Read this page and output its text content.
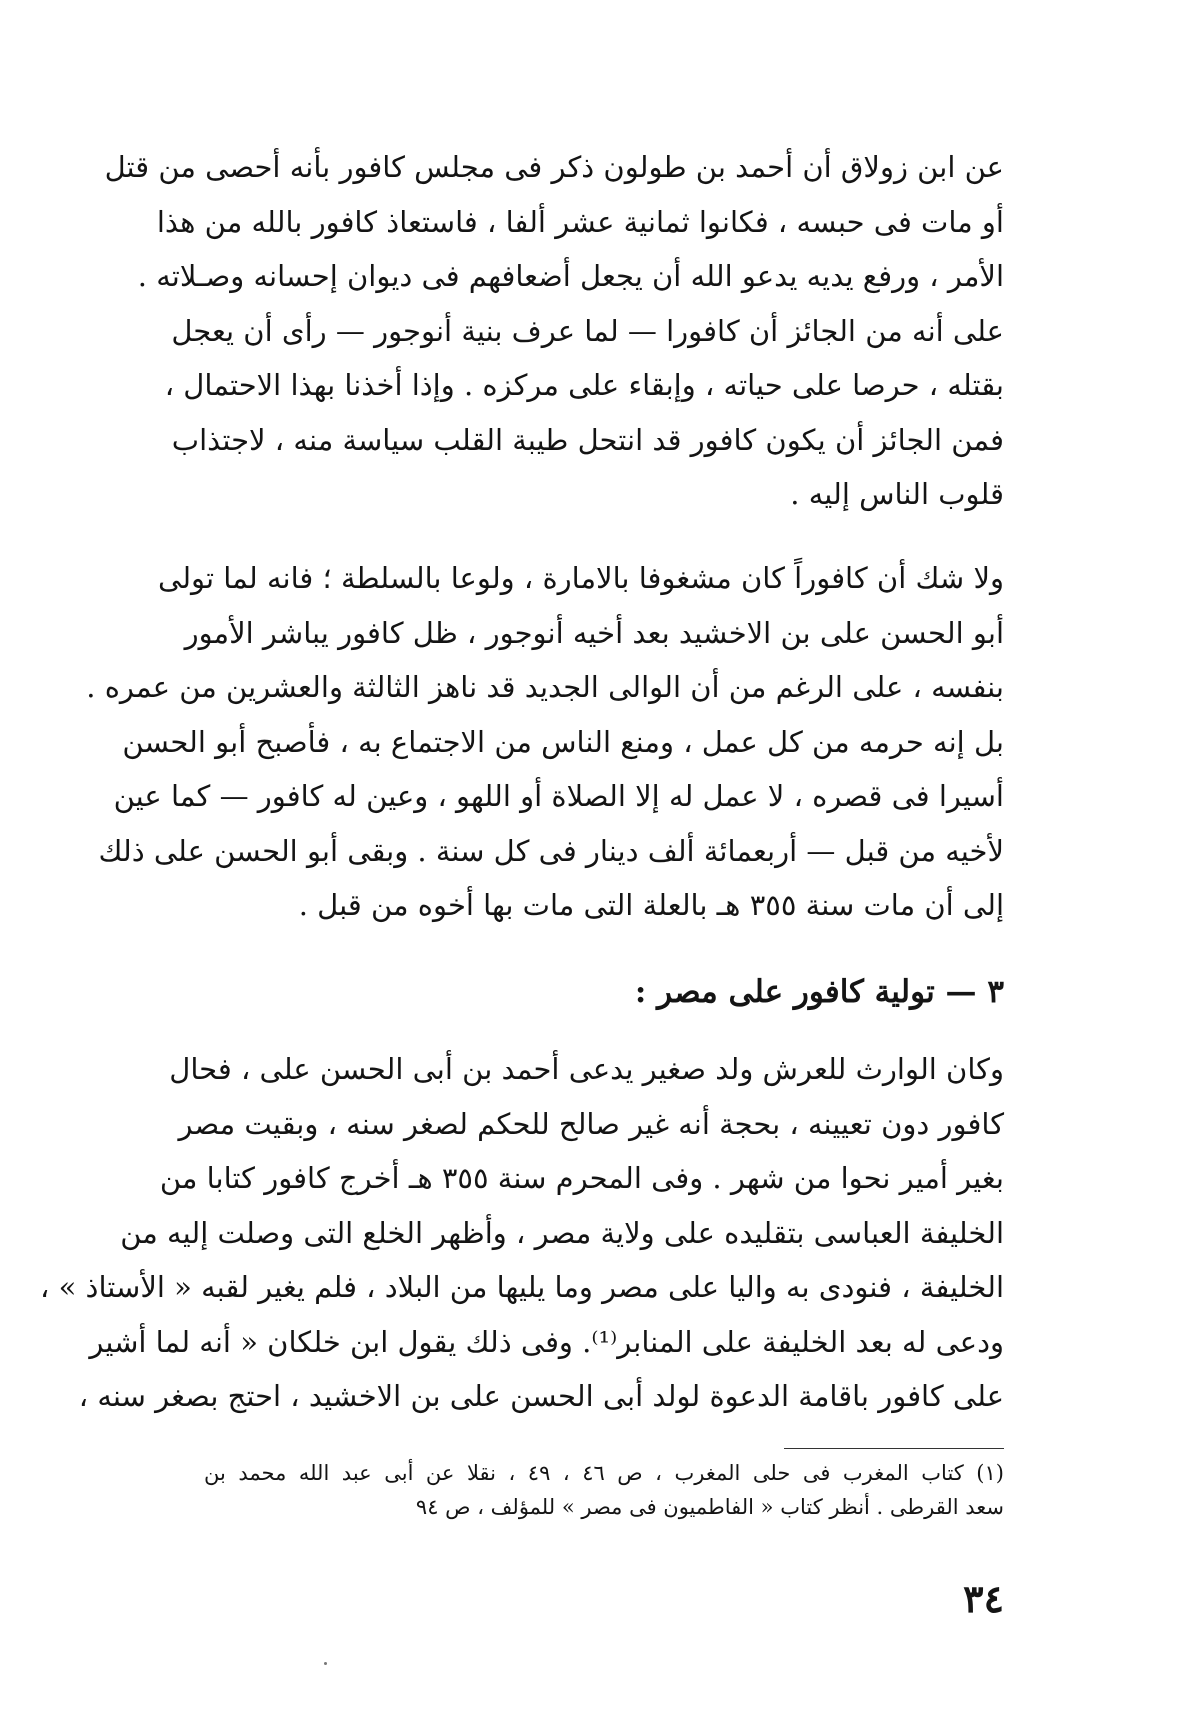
عن ابن زولاق أن أحمد بن طولون ذكر فى مجلس كافور بأنه أحصى من قتل
أو مات فى حبسه ، فكانوا ثمانية عشر ألفا ، فاستعاذ كافور بالله من هذا
الأمر ، ورفع يديه يدعو الله أن يجعل أضعافهم فى ديوان إحسانه وصـلاته .
على أنه من الجائز أن كافورا — لما عرف بنية أنوجور — رأى أن يعجل
بقتله ، حرصا على حياته ، وإبقاء على مركزه . وإذا أخذنا بهذا الاحتمال ،
فمن الجائز أن يكون كافور قد انتحل طيبة القلب سياسة منه ، لاجتذاب
قلوب الناس إليه .
ولا شك أن كافوراً كان مشغوفا بالامارة ، ولوعا بالسلطة ؛ فانه لما تولى
أبو الحسن على بن الاخشيد بعد أخيه أنوجور ، ظل كافور يباشر الأمور
بنفسه ، على الرغم من أن الوالى الجديد قد ناهز الثالثة والعشرين من عمره .
بل إنه حرمه من كل عمل ، ومنع الناس من الاجتماع به ، فأصبح أبو الحسن
أسيرا فى قصره ، لا عمل له إلا الصلاة أو اللهو ، وعين له كافور — كما عين
لأخيه من قبل — أربعمائة ألف دينار فى كل سنة . وبقى أبو الحسن على ذلك
إلى أن مات سنة ٣٥٥ هـ بالعلة التى مات بها أخوه من قبل .
٣ — تولية كافور على مصر :
وكان الوارث للعرش ولد صغير يدعى أحمد بن أبى الحسن على ، فحال
كافور دون تعيينه ، بحجة أنه غير صالح للحكم لصغر سنه ، وبقيت مصر
بغير أمير نحوا من شهر . وفى المحرم سنة ٣٥٥ هـ أخرج كافور كتابا من
الخليفة العباسى بتقليده على ولاية مصر ، وأظهر الخلع التى وصلت إليه من
الخليفة ، فنودى به واليا على مصر وما يليها من البلاد ، فلم يغير لقبه « الأستاذ » ،
ودعى له بعد الخليفة على المنابر⁽¹⁾. وفى ذلك يقول ابن خلكان « أنه لما أشير
على كافور باقامة الدعوة لولد أبى الحسن على بن الاخشيد ، احتج بصغر سنه ،
(١) كتاب المغرب فى حلى المغرب ، ص ٤٦ ، ٤٩ ، نقلا عن أبى عبد الله محمد بن
سعد القرطى . أنظر كتاب « الفاطميون فى مصر » للمؤلف ، ص ٩٤
٣٤
